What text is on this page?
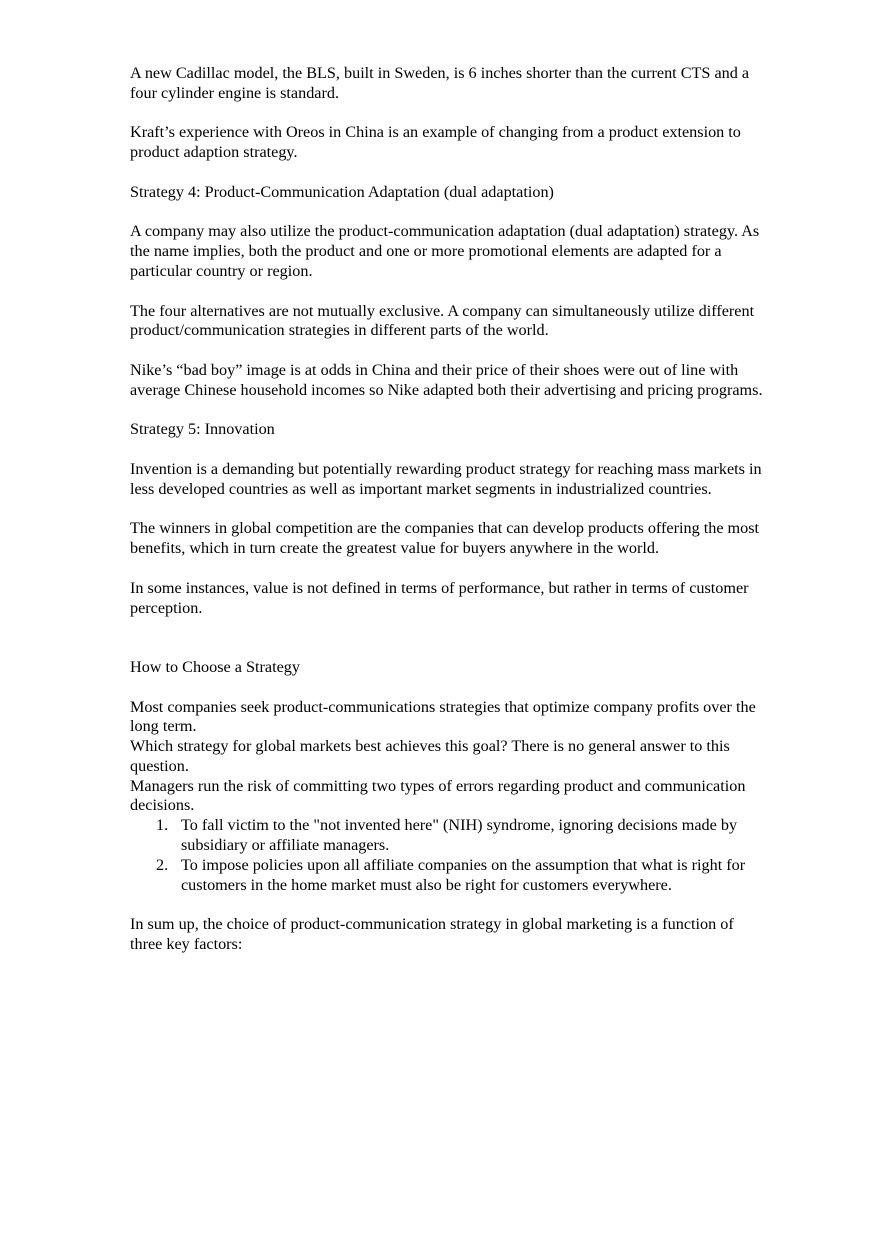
A new Cadillac model, the BLS, built in Sweden, is 6 inches shorter than the current CTS and a four cylinder engine is standard.

Kraft’s experience with Oreos in China is an example of changing from a product extension to product adaption strategy.

Strategy 4: Product-Communication Adaptation (dual adaptation)

A company may also utilize the product-communication adaptation (dual adaptation) strategy. As the name implies, both the product and one or more promotional elements are adapted for a particular country or region.

The four alternatives are not mutually exclusive. A company can simultaneously utilize different product/communication strategies in different parts of the world.

Nike’s “bad boy” image is at odds in China and their price of their shoes were out of line with average Chinese household incomes so Nike adapted both their advertising and pricing programs.

Strategy 5: Innovation

Invention is a demanding but potentially rewarding product strategy for reaching mass markets in less developed countries as well as important market segments in industrialized countries.

The winners in global competition are the companies that can develop products offering the most benefits, which in turn create the greatest value for buyers anywhere in the world.

In some instances, value is not defined in terms of performance, but rather in terms of customer perception.

How to Choose a Strategy

Most companies seek product-communications strategies that optimize company profits over the long term.

Which strategy for global markets best achieves this goal? There is no general answer to this question.

Managers run the risk of committing two types of errors regarding product and communication decisions.

1. To fall victim to the "not invented here" (NIH) syndrome, ignoring decisions made by subsidiary or affiliate managers.
2. To impose policies upon all affiliate companies on the assumption that what is right for customers in the home market must also be right for customers everywhere.

In sum up, the choice of product-communication strategy in global marketing is a function of three key factors:
